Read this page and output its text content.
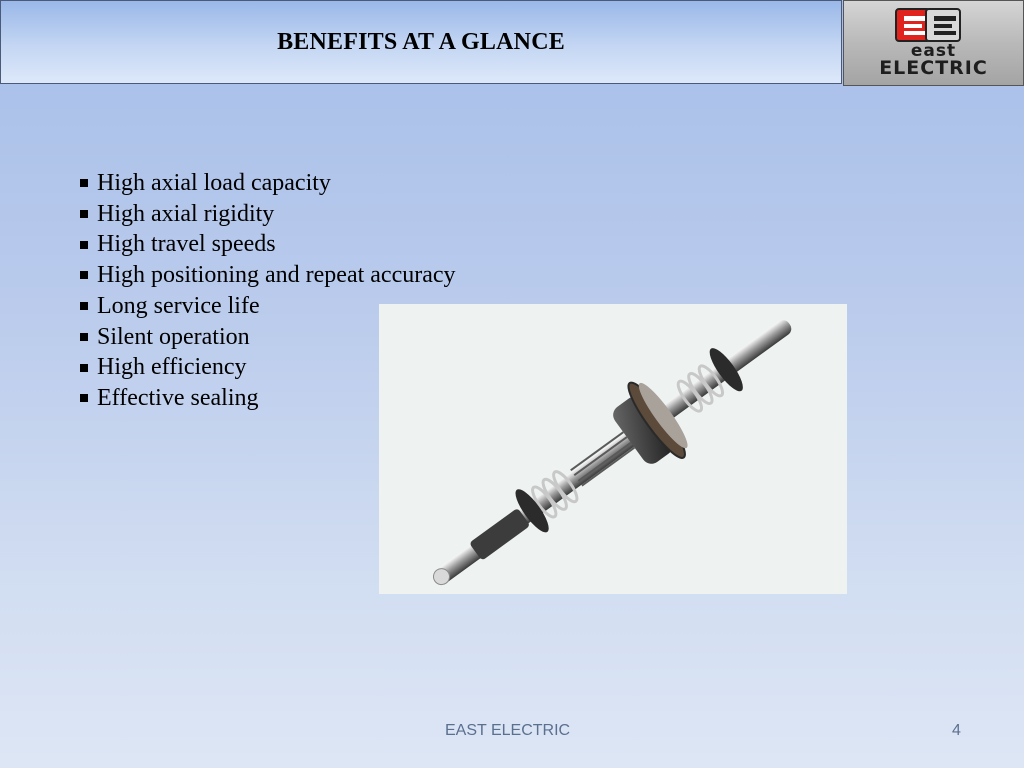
BENEFITS AT A GLANCE	east
ELECTRIC
High axial load capacity
High axial rigidity
High travel speeds
High positioning and repeat accuracy
Long service life
Silent operation
High efficiency
Effective sealing
EAST ELECTRIC	4
